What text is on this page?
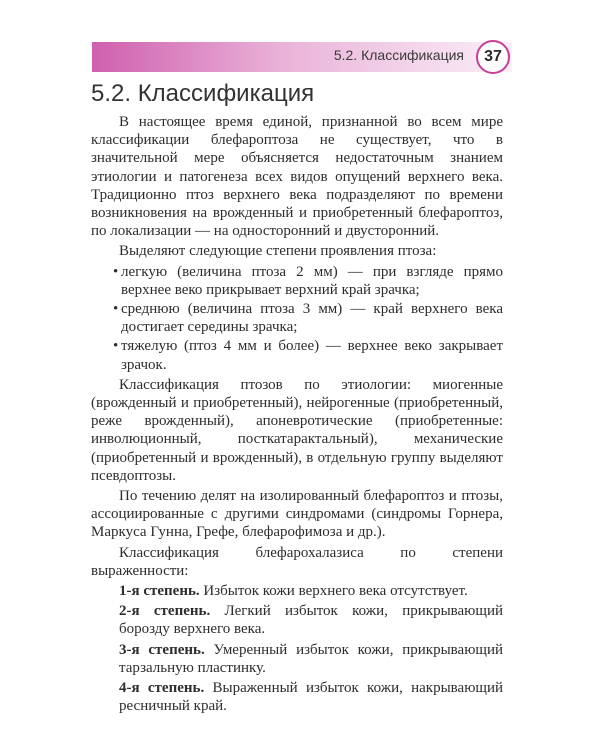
5.2. Классификация	37
5.2. Классификация

В настоящее время единой, признанной во всем мире классификации блефароптоза не существует, что в значительной мере объясняется недостаточным знанием этиологии и патогенеза всех видов опущений верхнего века. Традиционно птоз верхнего века подразделяют по времени возникновения на врожденный и приобретенный блефароптоз, по локализации — на односторонний и двусторонний.

Выделяют следующие степени проявления птоза:

• легкую (величина птоза 2 мм) — при взгляде прямо верхнее веко прикрывает верхний край зрачка;
• среднюю (величина птоза 3 мм) — край верхнего века достигает середины зрачка;
• тяжелую (птоз 4 мм и более) — верхнее веко закрывает зрачок.

Классификация птозов по этиологии: миогенные (врожденный и приобретенный), нейрогенные (приобретенный, реже врожденный), апоневротические (приобретенные: инволюционный, посткатарактальный), механические (приобретенный и врожденный), в отдельную группу выделяют псевдоптозы.

По течению делят на изолированный блефароптоз и птозы, ассоциированные с другими синдромами (синдромы Горнера, Маркуса Гунна, Грефе, блефарофимоза и др.).

Классификация блефарохалазиса по степени выраженности:

1-я степень. Избыток кожи верхнего века отсутствует.
2-я степень. Легкий избыток кожи, прикрывающий борозду верхнего века.
3-я степень. Умеренный избыток кожи, прикрывающий тарзальную пластинку.
4-я степень. Выраженный избыток кожи, накрывающий ресничный край.
